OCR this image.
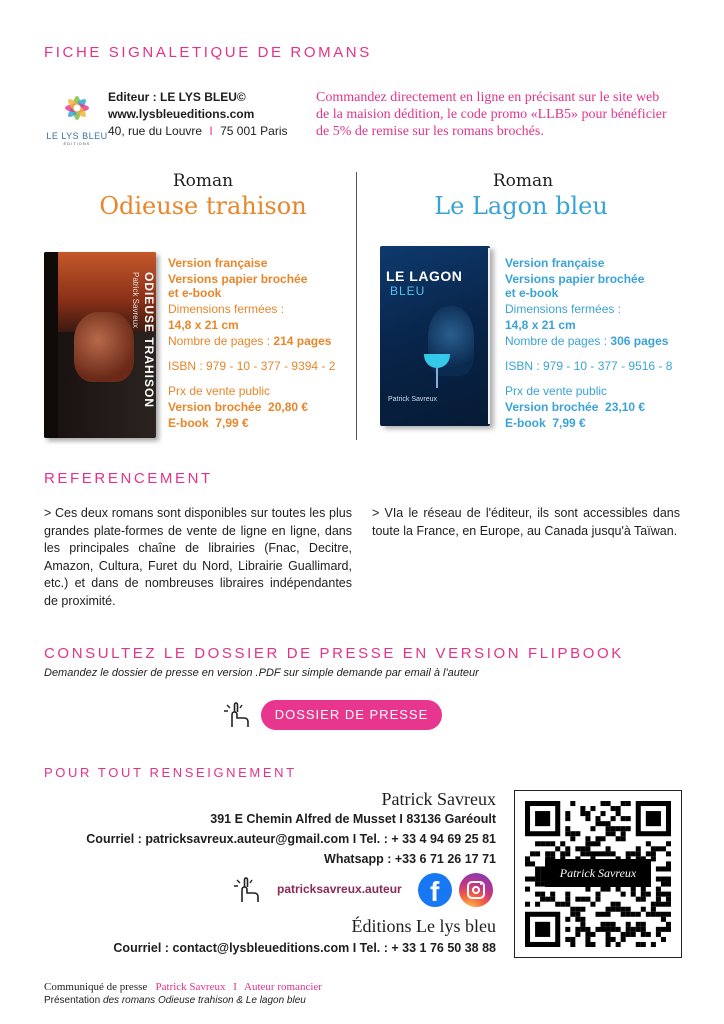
FICHE SIGNALETIQUE DE ROMANS
LE LYS BLEU
ÉDITIONS
Editeur : LE LYS BLEU©
www.lysbleueditions.com
40, rue du Louvre I 75 001 Paris
Commandez directement en ligne en précisant sur le site web
de la maision dédition, le code promo «LLB5» pour bénéficier
de 5% de remise sur les romans brochés.
Roman
Odieuse trahison
ODIEUSE TRAHISON
Patrick Savreux
Version française
Versions papier brochée
et e-book
Dimensions fermées :
14,8 x 21 cm
Nombre de pages : 214 pages
ISBN : 979 - 10 - 377 - 9394 - 2
Prx de vente public
Version brochée 20,80 €
E-book 7,99 €
Roman
Le Lagon bleu
LE LAGON
BLEU
Patrick Savreux
Version française
Versions papier brochée
et e-book
Dimensions fermées :
14,8 x 21 cm
Nombre de pages : 306 pages
ISBN : 979 - 10 - 377 - 9516 - 8
Prx de vente public
Version brochée 23,10 €
E-book 7,99 €
REFERENCEMENT
> Ces deux romans sont disponibles sur toutes les plus grandes plate-formes de vente de ligne en ligne, dans les principales chaîne de librairies (Fnac, Decitre, Amazon, Cultura, Furet du Nord, Librairie Guallimard, etc.) et dans de nombreuses libraires indépendantes de proximité.
> VIa le réseau de l'éditeur, ils sont accessibles dans toute la France, en Europe, au Canada jusqu'à Taïwan.
CONSULTEZ LE DOSSIER DE PRESSE EN VERSION FLIPBOOK
Demandez le dossier de presse en version .PDF sur simple demande par email à l'auteur
DOSSIER DE PRESSE
POUR TOUT RENSEIGNEMENT
Patrick Savreux
391 E Chemin Alfred de Musset I 83136 Garéoult
Courriel : patricksavreux.auteur@gmail.com I Tel. : + 33 4 94 69 25 81
Whatsapp : +33 6 71 26 17 71
patricksavreux.auteur f
Éditions Le lys bleu
Courriel : contact@lysbleueditions.com I Tel. : + 33 1 76 50 38 88
Patrick Savreux
Communiqué de presse Patrick Savreux I Auteur romancier
Présentation des romans Odieuse trahison & Le lagon bleu
